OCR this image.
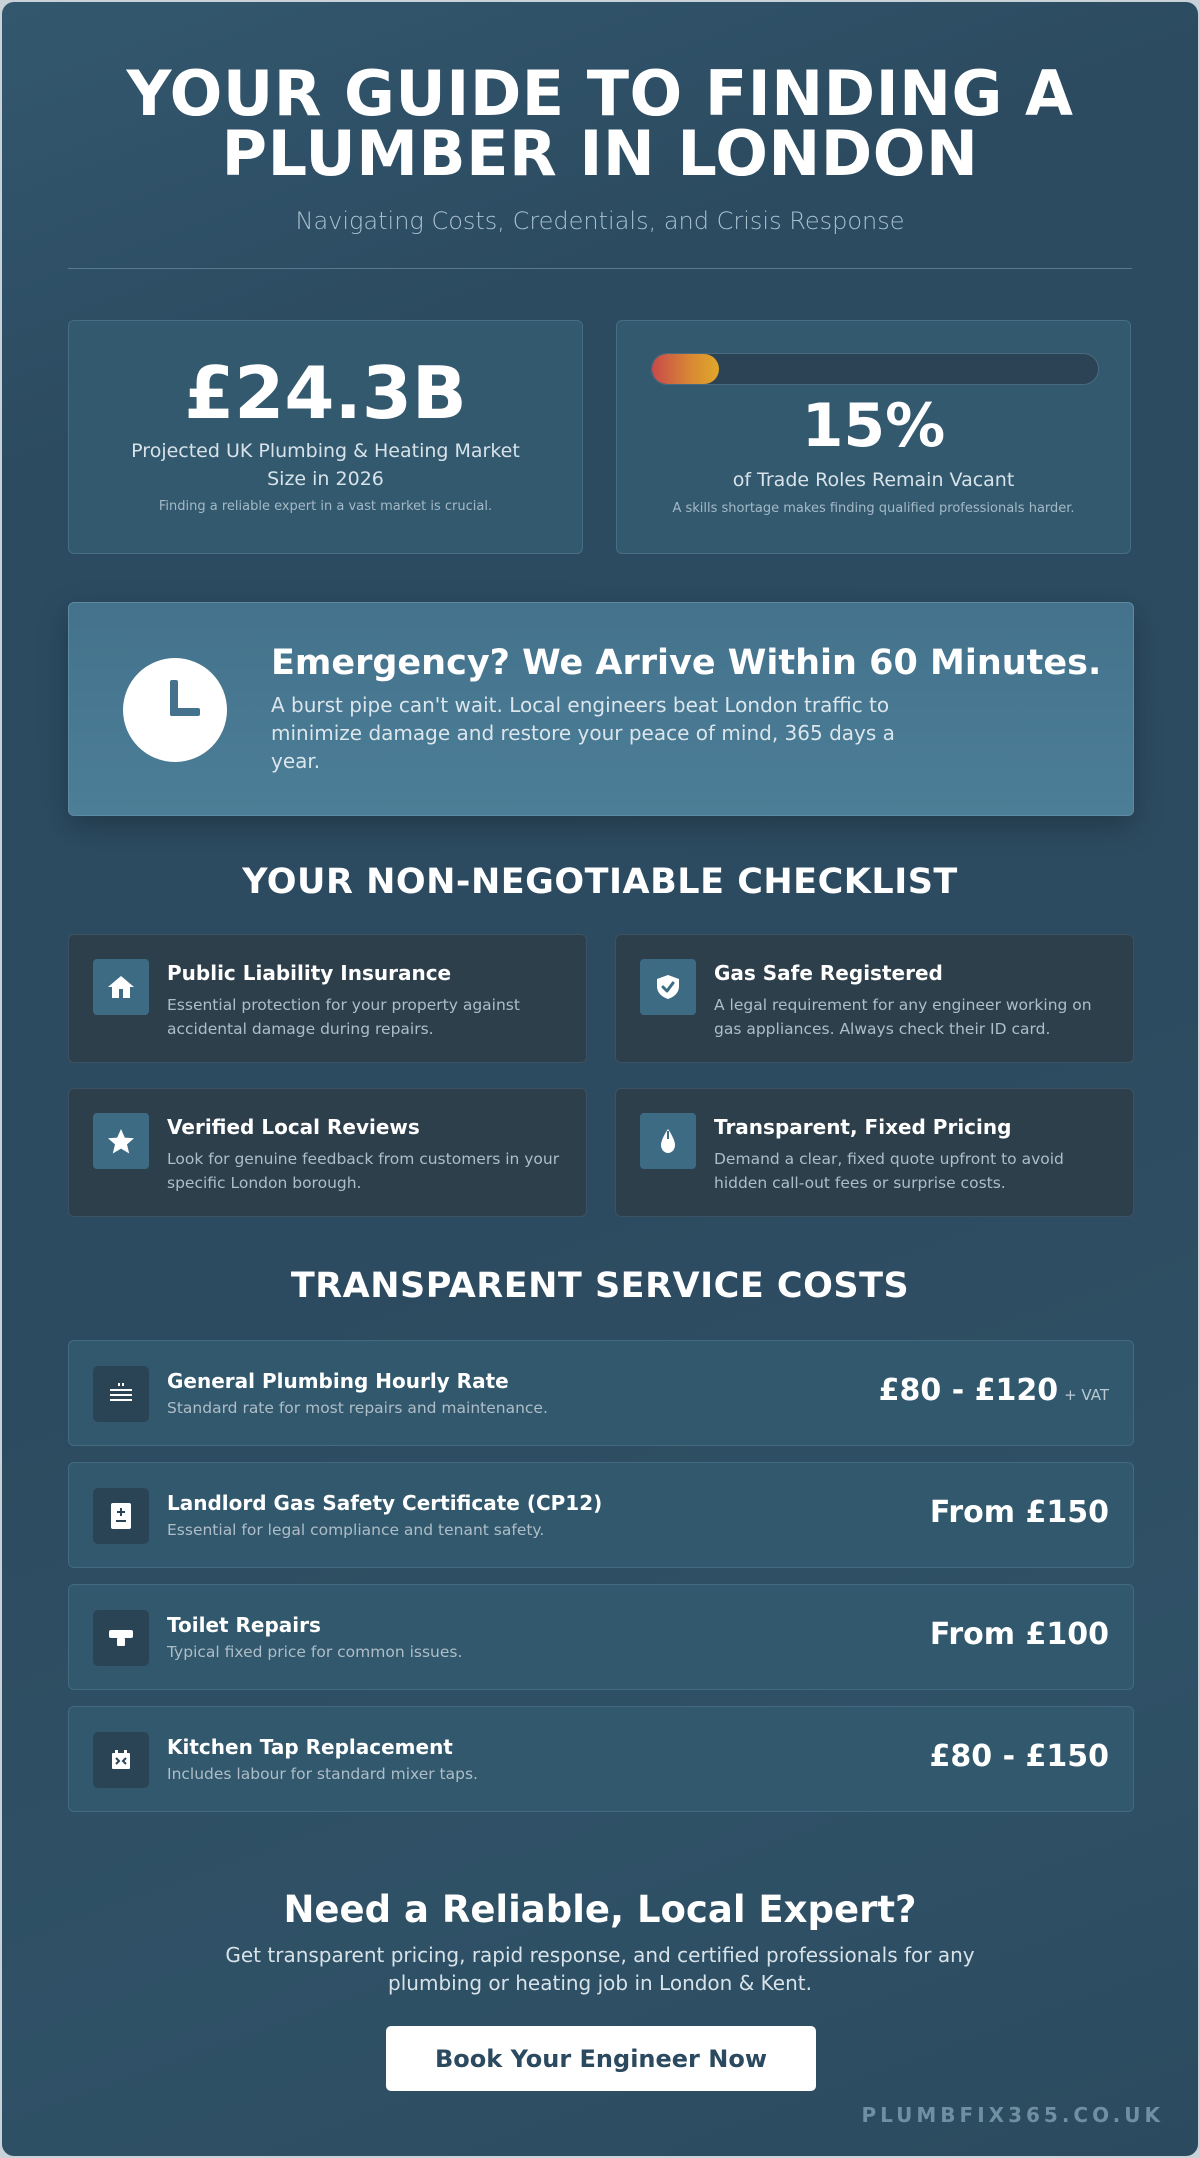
YOUR GUIDE TO FINDING A
PLUMBER IN LONDON
Navigating Costs, Credentials, and Crisis Response
£24.3B
Projected UK Plumbing & Heating Market Size in 2026
Finding a reliable expert in a vast market is crucial.
15%
of Trade Roles Remain Vacant
A skills shortage makes finding qualified professionals harder.
Emergency? We Arrive Within 60 Minutes.
A burst pipe can't wait. Local engineers beat London traffic to minimize damage and restore your peace of mind, 365 days a year.
YOUR NON-NEGOTIABLE CHECKLIST
Public Liability Insurance
Essential protection for your property against accidental damage during repairs.
Gas Safe Registered
A legal requirement for any engineer working on gas appliances. Always check their ID card.
Verified Local Reviews
Look for genuine feedback from customers in your specific London borough.
Transparent, Fixed Pricing
Demand a clear, fixed quote upfront to avoid hidden call-out fees or surprise costs.
TRANSPARENT SERVICE COSTS
General Plumbing Hourly Rate
Standard rate for most repairs and maintenance.	£80 - £120 + VAT
Landlord Gas Safety Certificate (CP12)
Essential for legal compliance and tenant safety.	From £150
Toilet Repairs
Typical fixed price for common issues.	From £100
Kitchen Tap Replacement
Includes labour for standard mixer taps.	£80 - £150
Need a Reliable, Local Expert?
Get transparent pricing, rapid response, and certified professionals for any plumbing or heating job in London & Kent.
Book Your Engineer Now
PLUMBFIX365.CO.UK
